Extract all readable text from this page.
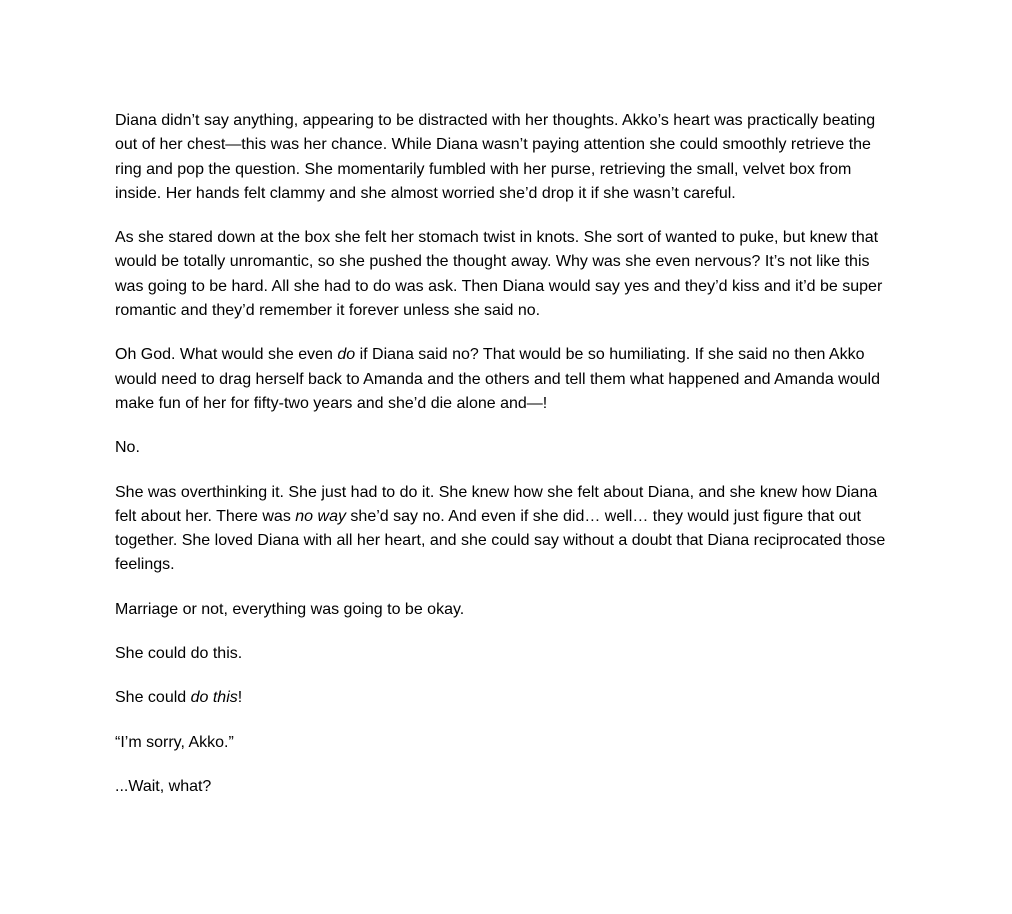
Diana didn’t say anything, appearing to be distracted with her thoughts. Akko’s heart was practically beating out of her chest—this was her chance. While Diana wasn’t paying attention she could smoothly retrieve the ring and pop the question. She momentarily fumbled with her purse, retrieving the small, velvet box from inside. Her hands felt clammy and she almost worried she’d drop it if she wasn’t careful.

As she stared down at the box she felt her stomach twist in knots. She sort of wanted to puke, but knew that would be totally unromantic, so she pushed the thought away. Why was she even nervous? It’s not like this was going to be hard. All she had to do was ask. Then Diana would say yes and they’d kiss and it’d be super romantic and they’d remember it forever unless she said no.

Oh God. What would she even do if Diana said no? That would be so humiliating. If she said no then Akko would need to drag herself back to Amanda and the others and tell them what happened and Amanda would make fun of her for fifty-two years and she’d die alone and—!

No.

She was overthinking it. She just had to do it. She knew how she felt about Diana, and she knew how Diana felt about her. There was no way she’d say no. And even if she did… well… they would just figure that out together. She loved Diana with all her heart, and she could say without a doubt that Diana reciprocated those feelings.

Marriage or not, everything was going to be okay.

She could do this.

She could do this!

“I’m sorry, Akko.”

...Wait, what?
